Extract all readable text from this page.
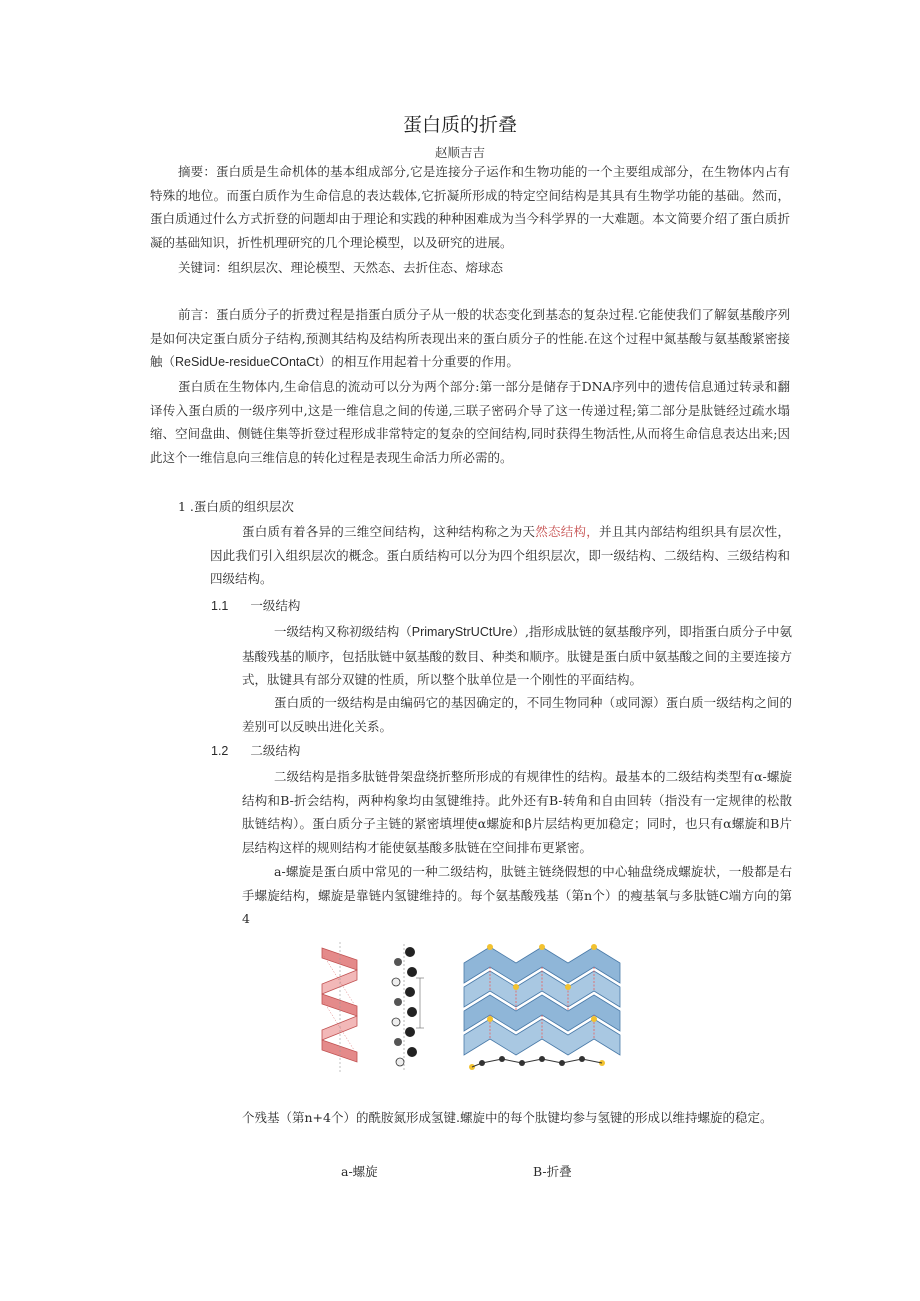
蛋白质的折叠
赵顺吉吉

摘要：蛋白质是生命机体的基本组成部分,它是连接分子运作和生物功能的一个主要组成部分，在生物体内占有特殊的地位。而蛋白质作为生命信息的表达载体,它折凝所形成的特定空间结构是其具有生物学功能的基础。然而，蛋白质通过什么方式折登的问题却由于理论和实践的种种困难成为当今科学界的一大难题。本文简要介绍了蛋白质折凝的基础知识，折性机理研究的几个理论模型，以及研究的进展。

关键词：组织层次、理论模型、天然态、去折住态、熔球态

前言：蛋白质分子的折费过程是指蛋白质分子从一般的状态变化到基态的复杂过程.它能使我们了解氨基酸序列是如何决定蛋白质分子结构,预测其结构及结构所表现出来的蛋白质分子的性能.在这个过程中氮基酸与氨基酸紧密接触（ReSidUe-residueCOntaCt）的相互作用起着十分重要的作用。

蛋白质在生物体内,生命信息的流动可以分为两个部分:第一部分是储存于DNA序列中的遗传信息通过转录和翻译传入蛋白质的一级序列中,这是一维信息之间的传递,三联子密码介导了这一传递过程;第二部分是肽链经过疏水塌缩、空间盘曲、侧链住集等折登过程形成非常特定的复杂的空间结构,同时获得生物活性,从而将生命信息表达出来;因此这个一维信息向三维信息的转化过程是表现生命活力所必需的。

1 .蛋白质的组织层次

蛋白质有着各异的三维空间结构，这种结构称之为天然态结构，并且其内部结构组织具有层次性，因此我们引入组织层次的概念。蛋白质结构可以分为四个组织层次，即一级结构、二级结构、三级结构和四级结构。

1.1 一级结构

一级结构又称初级结构（PrimaryStrUCtUre）,指形成肽链的氨基酸序列，即指蛋白质分子中氨基酸残基的顺序，包括肽链中氨基酸的数目、种类和顺序。肽键是蛋白质中氨基酸之间的主要连接方式，肽键具有部分双键的性质，所以整个肽单位是一个刚性的平面结构。

蛋白质的一级结构是由编码它的基因确定的，不同生物同种（或同源）蛋白质一级结构之间的差别可以反映出进化关系。

1.2 二级结构

二级结构是指多肽链骨架盘绕折整所形成的有规律性的结构。最基本的二级结构类型有α-螺旋结构和B-折会结构，两种构象均由氢键维持。此外还有B-转角和自由回转（指没有一定规律的松散肽链结构）。蛋白质分子主链的紧密填埋使α螺旋和β片层结构更加稳定；同时，也只有α螺旋和B片层结构这样的规则结构才能使氨基酸多肽链在空间排布更紧密。

a-螺旋是蛋白质中常见的一种二级结构，肽链主链绕假想的中心轴盘绕成螺旋状，一般都是右手螺旋结构，螺旋是靠链内氢键维持的。每个氨基酸残基（第n个）的瘦基氧与多肽链C端方向的第4

个残基（第n+4个）的酰胺氮形成氢键.螺旋中的每个肽键均参与氢键的形成以维持螺旋的稳定。

a-螺旋	B-折叠
